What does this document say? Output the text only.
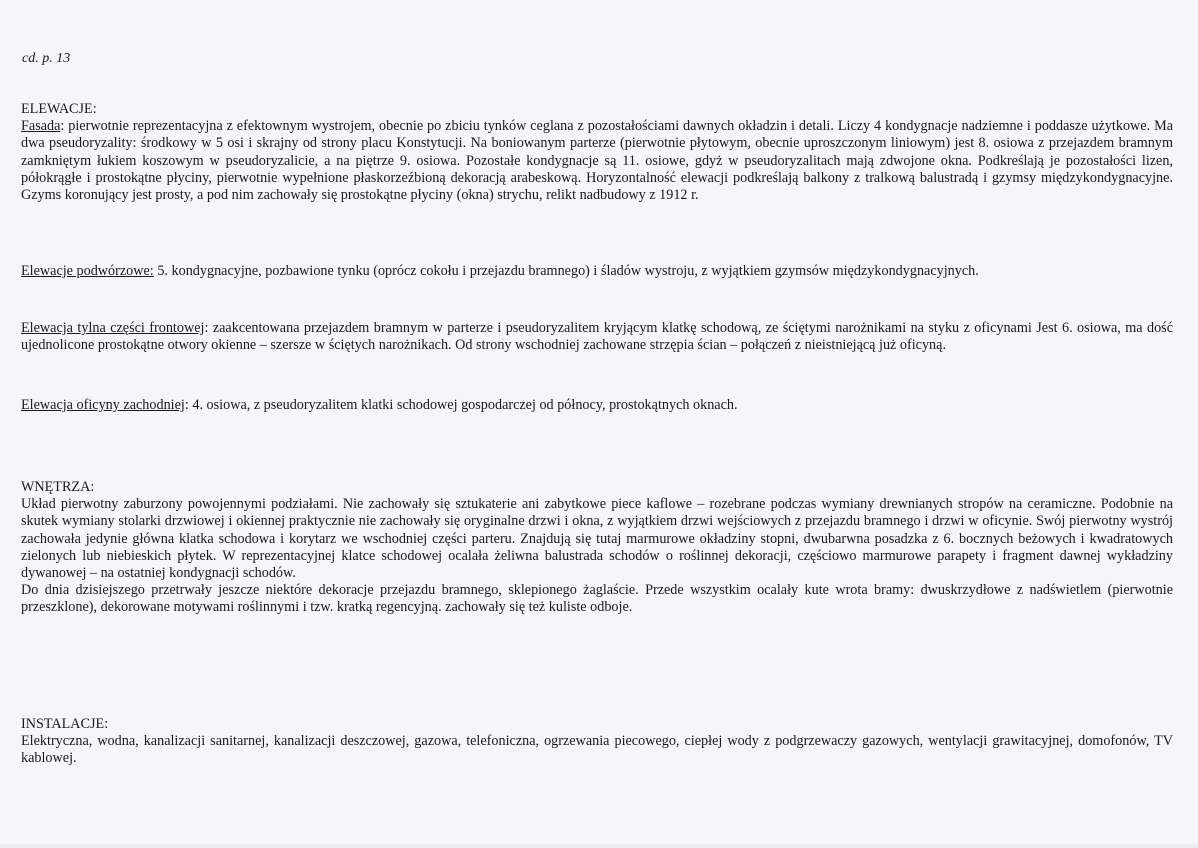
cd. p. 13
ELEWACJE:

Fasada: pierwotnie reprezentacyjna z efektownym wystrojem, obecnie po zbiciu tynków ceglana z pozostałościami dawnych okładzin i detali. Liczy 4 kondygnacje nadziemne i poddasze użytkowe. Ma dwa pseudoryzality: środkowy w 5 osi i skrajny od strony placu Konstytucji. Na boniowanym parterze (pierwotnie płytowym, obecnie uproszczonym liniowym) jest 8. osiowa z przejazdem bramnym zamkniętym łukiem koszowym w pseudoryzalicie, a na piętrze 9. osiowa. Pozostałe kondygnacje są 11. osiowe, gdyż w pseudoryzalitach mają zdwojone okna. Podkreślają je pozostałości lizen, półokrągłe i prostokątne płyciny, pierwotnie wypełnione płaskorzeźbioną dekoracją arabeskową. Horyzontalność elewacji podkreślają balkony z tralkową balustradą i gzymsy międzykondygnacyjne. Gzyms koronujący jest prosty, a pod nim zachowały się prostokątne płyciny (okna) strychu, relikt nadbudowy z 1912 r.

Elewacje podwórzowe: 5. kondygnacyjne, pozbawione tynku (oprócz cokołu i przejazdu bramnego) i śladów wystroju, z wyjątkiem gzymsów międzykondygnacyjnych.

Elewacja tylna części frontowej: zaakcentowana przejazdem bramnym w parterze i pseudoryzalitem kryjącym klatkę schodową, ze ściętymi narożnikami na styku z oficynami Jest 6. osiowa, ma dość ujednolicone prostokątne otwory okienne – szersze w ściętych narożnikach. Od strony wschodniej zachowane strzępia ścian – połączeń z nieistniejącą już oficyną.

Elewacja oficyny zachodniej: 4. osiowa, z pseudoryzalitem klatki schodowej gospodarczej od północy, prostokątnych oknach.

WNĘTRZA:

Układ pierwotny zaburzony powojennymi podziałami. Nie zachowały się sztukaterie ani zabytkowe piece kaflowe – rozebrane podczas wymiany drewnianych stropów na ceramiczne. Podobnie na skutek wymiany stolarki drzwiowej i okiennej praktycznie nie zachowały się oryginalne drzwi i okna, z wyjątkiem drzwi wejściowych z przejazdu bramnego i drzwi w oficynie. Swój pierwotny wystrój zachowała jedynie główna klatka schodowa i korytarz we wschodniej części parteru. Znajdują się tutaj marmurowe okładziny stopni, dwubarwna posadzka z 6. bocznych beżowych i kwadratowych zielonych lub niebieskich płytek. W reprezentacyjnej klatce schodowej ocalała żeliwna balustrada schodów o roślinnej dekoracji, częściowo marmurowe parapety i fragment dawnej wykładziny dywanowej – na ostatniej kondygnacji schodów.

Do dnia dzisiejszego przetrwały jeszcze niektóre dekoracje przejazdu bramnego, sklepionego żaglaście. Przede wszystkim ocalały kute wrota bramy: dwuskrzydłowe z nadświetlem (pierwotnie przeszklone), dekorowane motywami roślinnymi i tzw. kratką regencyjną. zachowały się też kuliste odboje.

INSTALACJE:

Elektryczna, wodna, kanalizacji sanitarnej, kanalizacji deszczowej, gazowa, telefoniczna, ogrzewania piecowego, ciepłej wody z podgrzewaczy gazowych, wentylacji grawitacyjnej, domofonów, TV kablowej.
